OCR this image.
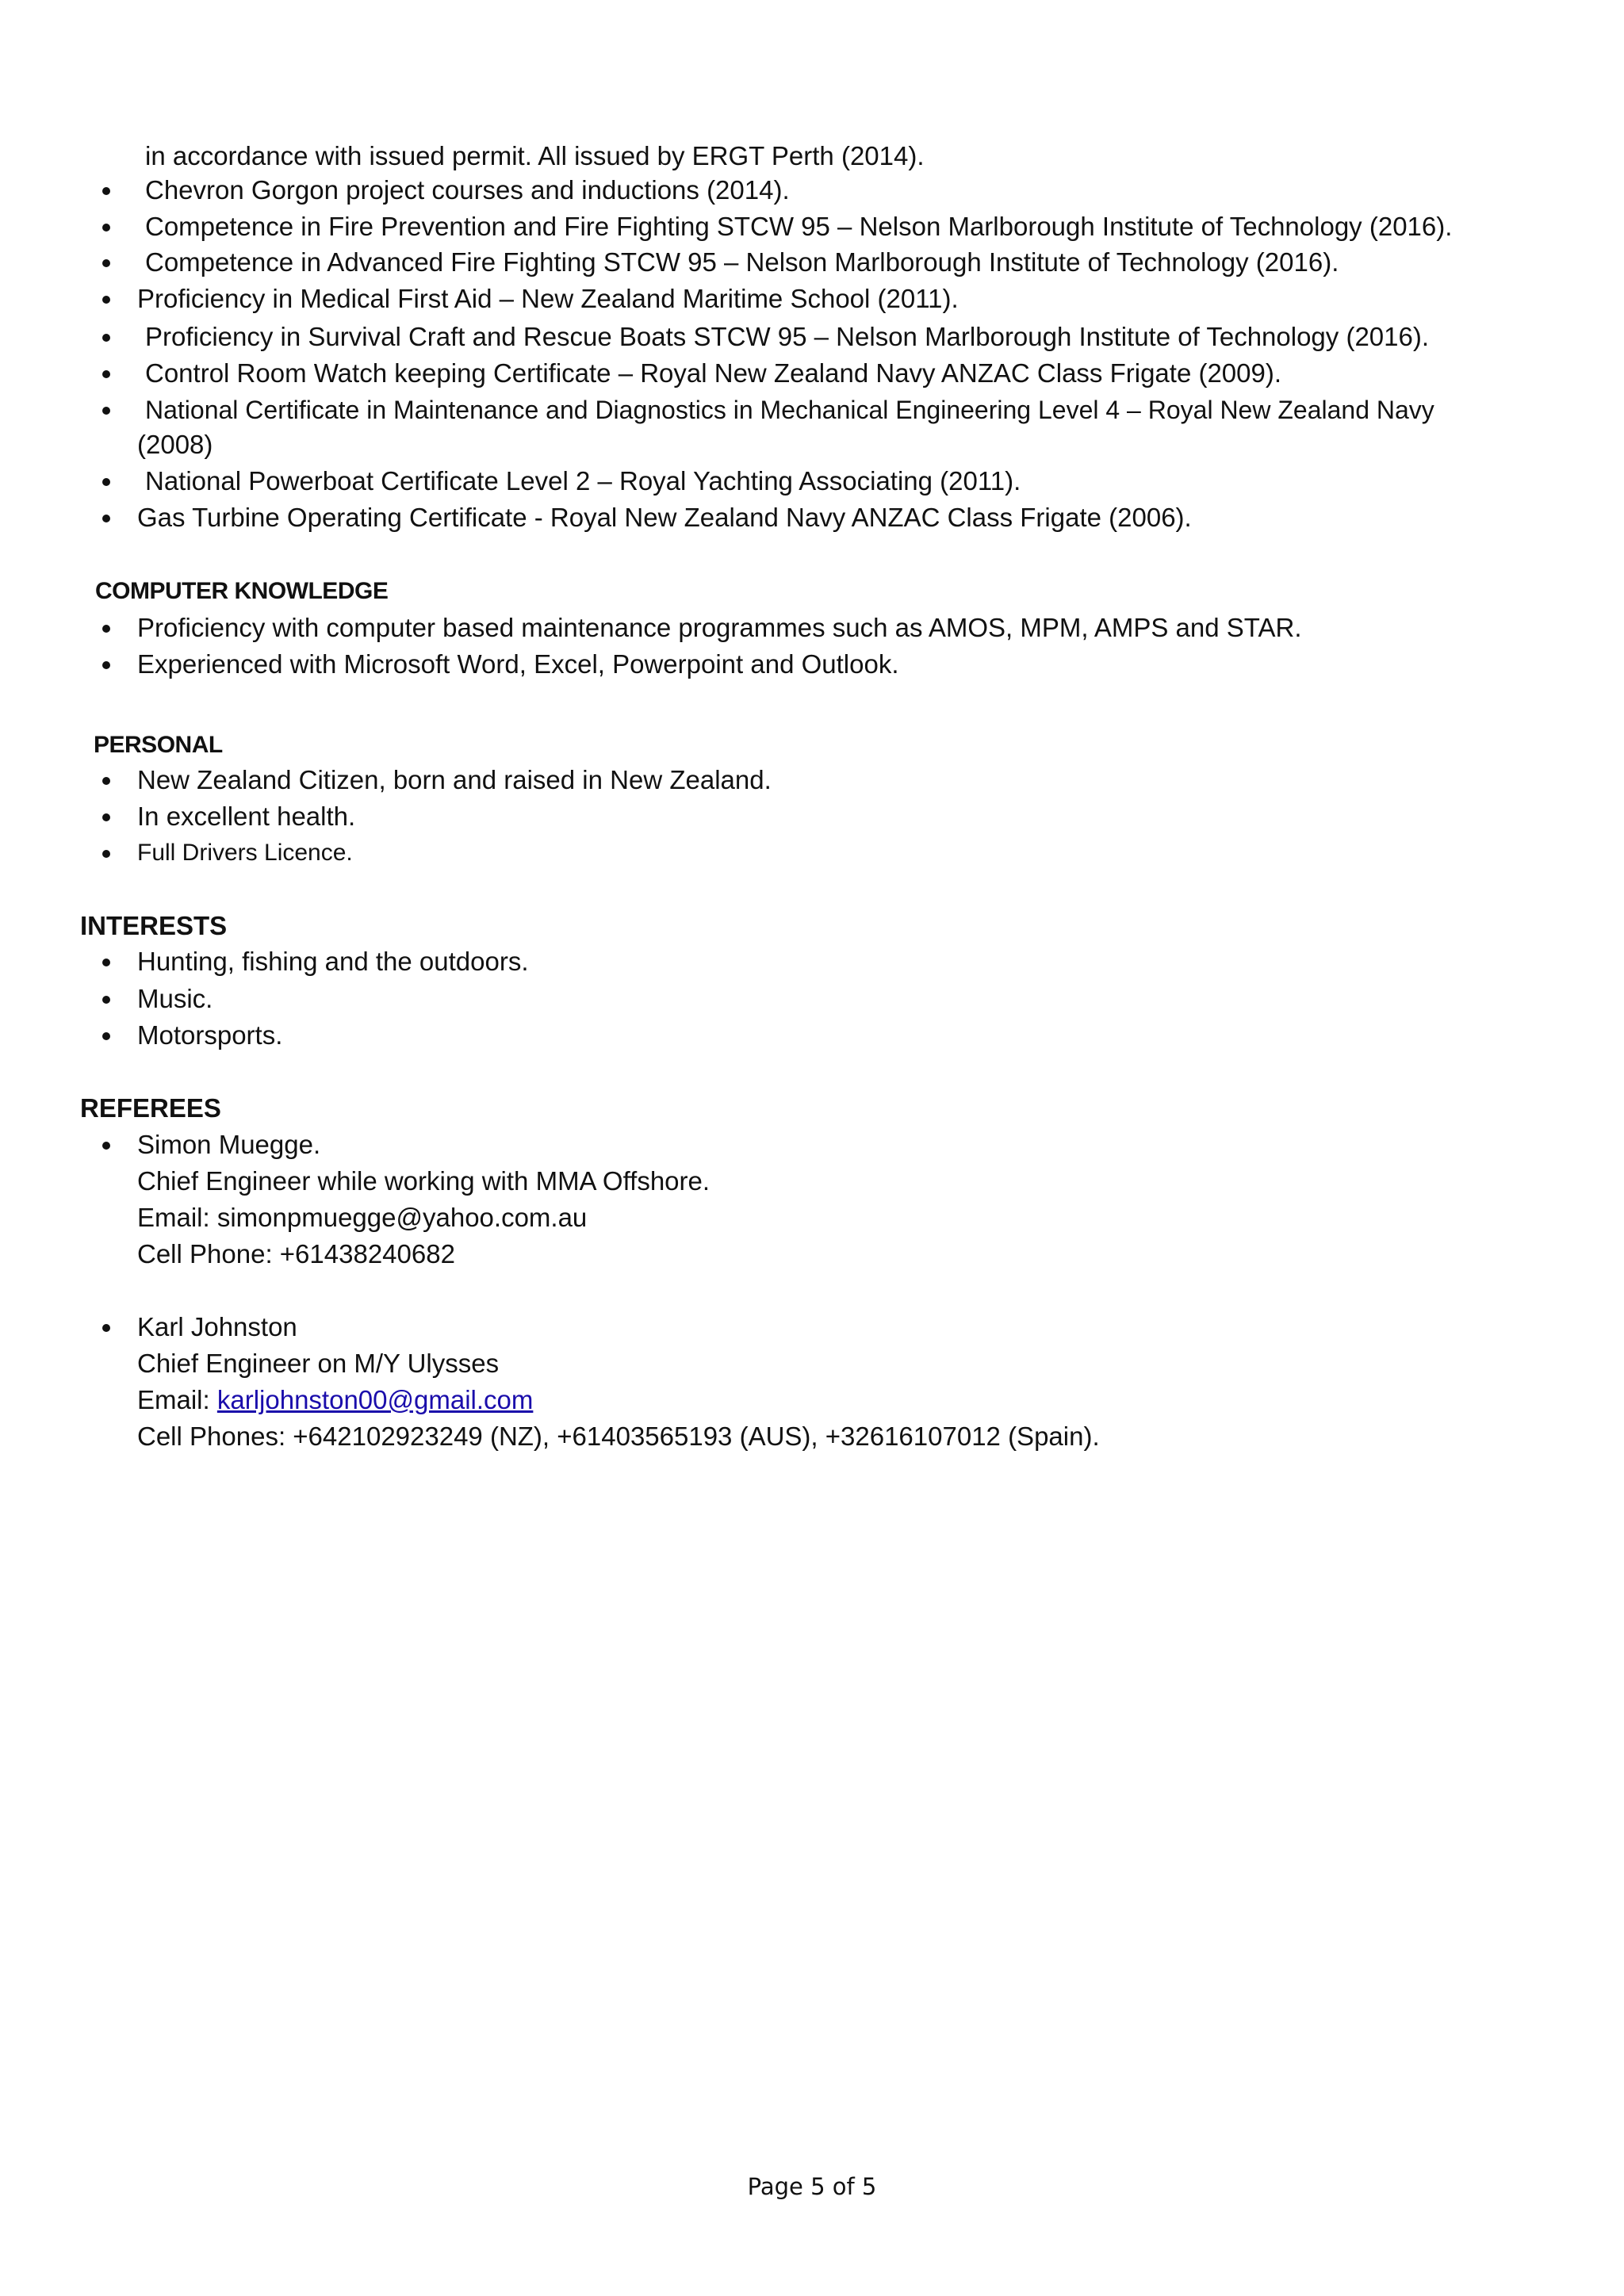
in accordance with issued permit. All issued by ERGT Perth (2014).
Chevron Gorgon project courses and inductions (2014).
Competence in Fire Prevention and Fire Fighting STCW 95 – Nelson Marlborough Institute of Technology (2016).
Competence in Advanced Fire Fighting STCW 95 – Nelson Marlborough Institute of Technology (2016).
Proficiency in Medical First Aid – New Zealand Maritime School (2011).
Proficiency in Survival Craft and Rescue Boats STCW 95 – Nelson Marlborough Institute of Technology (2016).
Control Room Watch keeping Certificate – Royal New Zealand Navy ANZAC Class Frigate (2009).
National Certificate in Maintenance and Diagnostics in Mechanical Engineering Level 4 – Royal New Zealand Navy
(2008)
National Powerboat Certificate Level 2 – Royal Yachting Associating (2011).
Gas Turbine Operating Certificate - Royal New Zealand Navy ANZAC Class Frigate (2006).
COMPUTER KNOWLEDGE
Proficiency with computer based maintenance programmes such as AMOS, MPM, AMPS and STAR.
Experienced with Microsoft Word, Excel, Powerpoint and Outlook.
PERSONAL
New Zealand Citizen, born and raised in New Zealand.
In excellent health.
Full Drivers Licence.
INTERESTS
Hunting, fishing and the outdoors.
Music.
Motorsports.
REFEREES
Simon Muegge.
Chief Engineer while working with MMA Offshore.
Email: simonpmuegge@yahoo.com.au
Cell Phone: +61438240682
Karl Johnston
Chief Engineer on M/Y Ulysses
Email: karljohnston00@gmail.com
Cell Phones: +642102923249 (NZ), +61403565193 (AUS), +32616107012 (Spain).
Page 5 of 5
